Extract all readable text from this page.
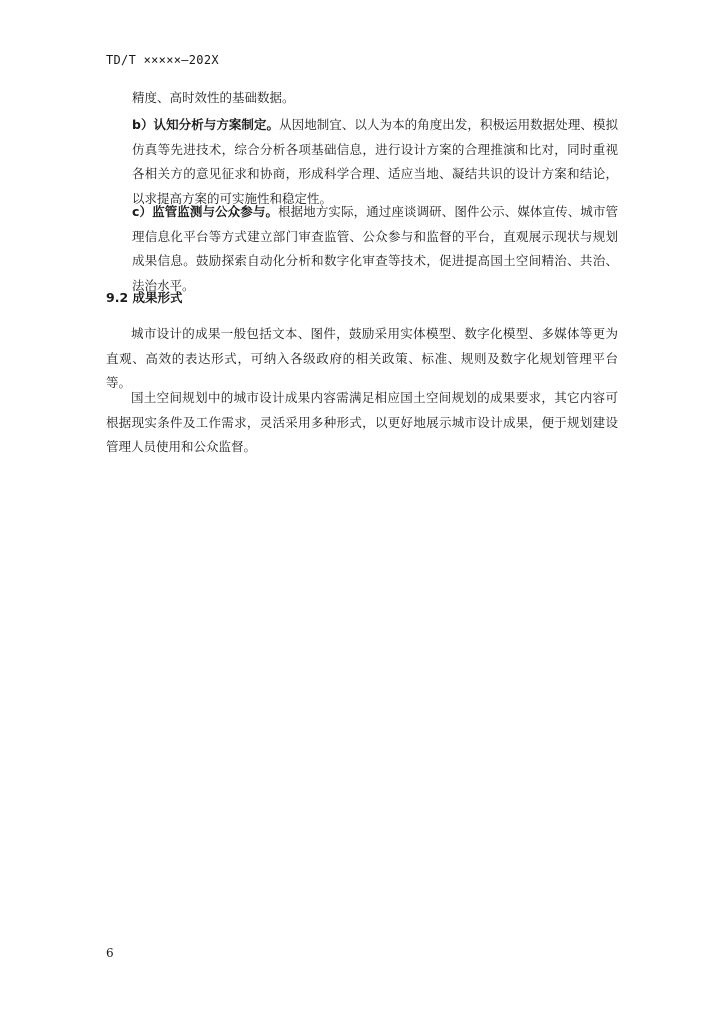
TD/T ×××××—202X
精度、高时效性的基础数据。
b）认知分析与方案制定。从因地制宜、以人为本的角度出发，积极运用数据处理、模拟仿真等先进技术，综合分析各项基础信息，进行设计方案的合理推演和比对，同时重视各相关方的意见征求和协商，形成科学合理、适应当地、凝结共识的设计方案和结论，以求提高方案的可实施性和稳定性。
c）监管监测与公众参与。根据地方实际，通过座谈调研、图件公示、媒体宣传、城市管理信息化平台等方式建立部门审查监管、公众参与和监督的平台，直观展示现状与规划成果信息。鼓励探索自动化分析和数字化审查等技术，促进提高国土空间精治、共治、法治水平。
9.2 成果形式
城市设计的成果一般包括文本、图件，鼓励采用实体模型、数字化模型、多媒体等更为直观、高效的表达形式，可纳入各级政府的相关政策、标准、规则及数字化规划管理平台等。
国土空间规划中的城市设计成果内容需满足相应国土空间规划的成果要求，其它内容可根据现实条件及工作需求，灵活采用多种形式，以更好地展示城市设计成果，便于规划建设管理人员使用和公众监督。
6
